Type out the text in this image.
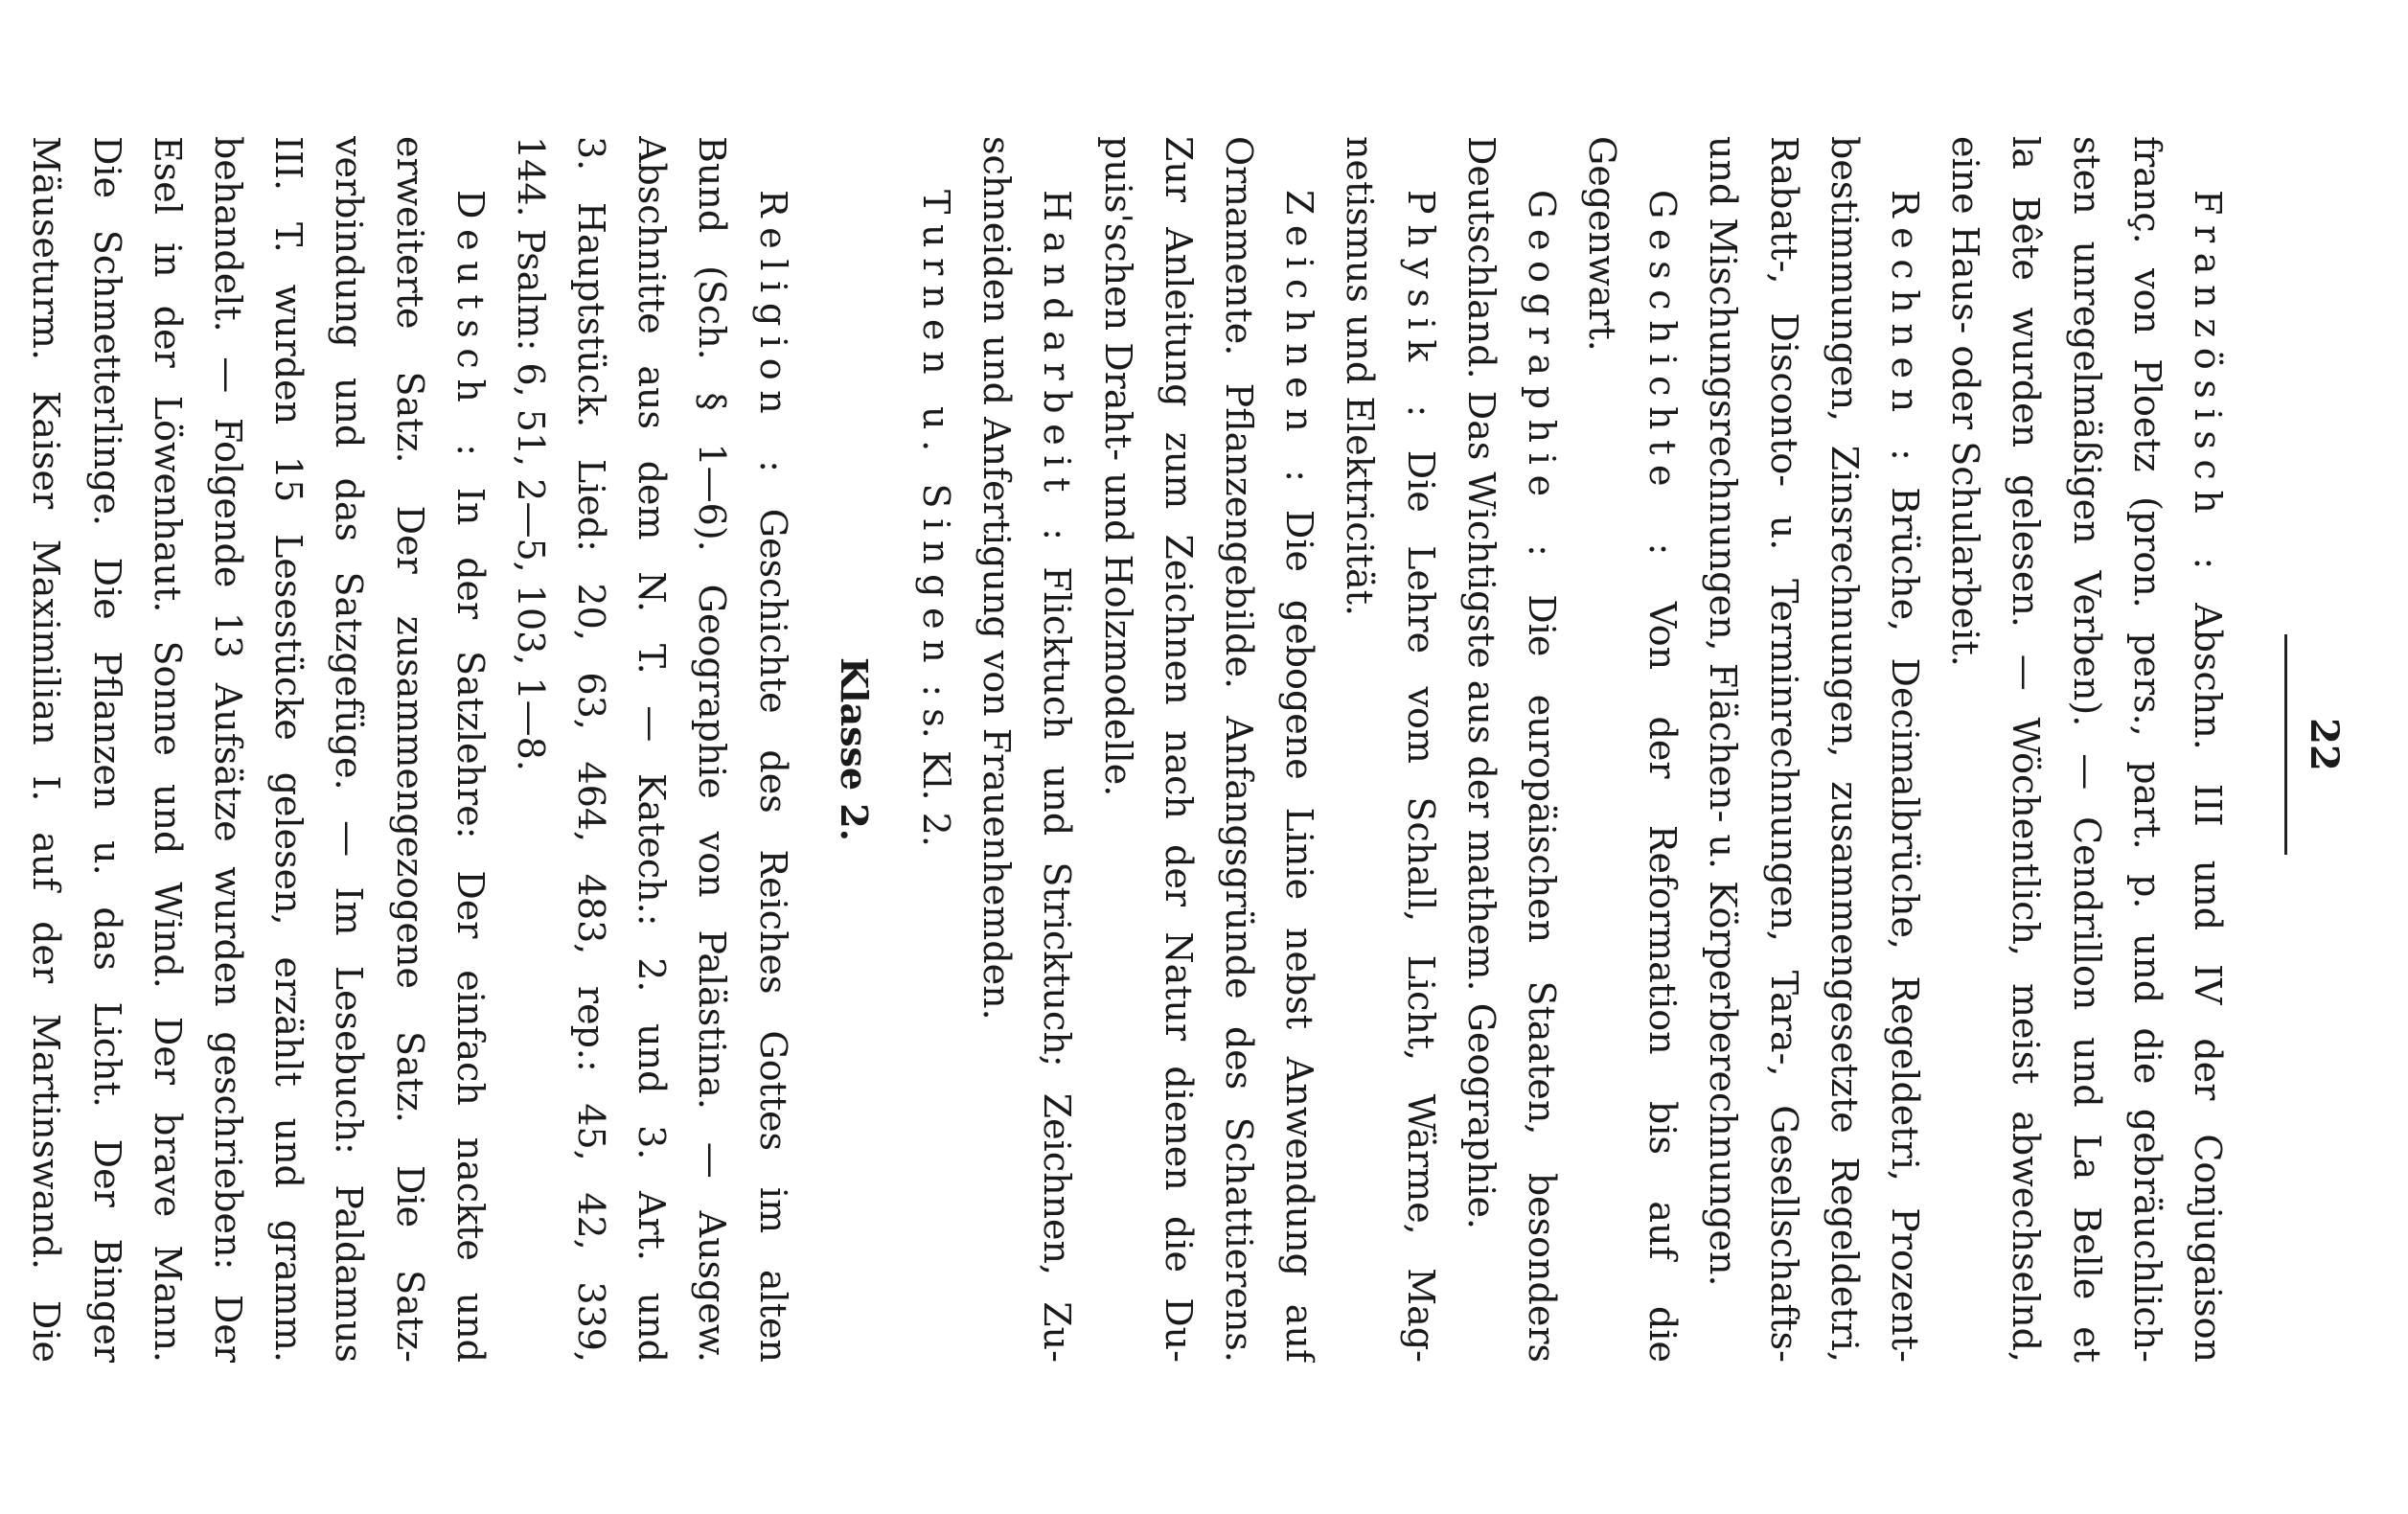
22
Französisch : Abschn. III und IV der Conjugaison
franç. von Ploetz (pron. pers., part. p. und die gebräuchlich-
sten unregelmäßigen Verben). — Cendrillon und La Belle et
la Bête wurden gelesen. — Wöchentlich, meist abwechselnd,
eine Haus- oder Schularbeit.
Rechnen : Brüche, Decimalbrüche, Regeldetri, Prozent-
bestimmungen, Zinsrechnungen, zusammengesetzte Regeldetri,
Rabatt-, Disconto- u. Terminrechnungen, Tara-, Gesellschafts-
und Mischungsrechnungen, Flächen- u. Körperberechnungen.
Geschichte : Von der Reformation bis auf die
Gegenwart.
Geographie : Die europäischen Staaten, besonders
Deutschland. Das Wichtigste aus der mathem. Geographie.
Physik : Die Lehre vom Schall, Licht, Wärme, Mag-
netismus und Elektricität.
Zeichnen : Die gebogene Linie nebst Anwendung auf
Ornamente. Pflanzengebilde. Anfangsgründe des Schattierens.
Zur Anleitung zum Zeichnen nach der Natur dienen die Du-
puis'schen Draht- und Holzmodelle.
Handarbeit : Flicktuch und Stricktuch; Zeichnen, Zu-
schneiden und Anfertigung von Frauenhemden.
Turnen u. Singen : s. Kl. 2.
Klasse 2.
Religion : Geschichte des Reiches Gottes im alten
Bund (Sch. § 1—6). Geographie von Palästina. — Ausgew.
Abschnitte aus dem N. T. — Katech.: 2. und 3. Art. und
3. Hauptstück. Lied: 20, 63, 464, 483, rep.: 45, 42, 339,
144. Psalm: 6, 51, 2—5, 103, 1—8.
Deutsch : In der Satzlehre: Der einfach nackte und
erweiterte Satz. Der zusammengezogene Satz. Die Satz-
verbindung und das Satzgefüge. — Im Lesebuch: Paldamus
III. T. wurden 15 Lesestücke gelesen, erzählt und gramm.
behandelt. — Folgende 13 Aufsätze wurden geschrieben: Der
Esel in der Löwenhaut. Sonne und Wind. Der brave Mann.
Die Schmetterlinge. Die Pflanzen u. das Licht. Der Binger
Mäuseturm. Kaiser Maximilian I. auf der Martinswand. Die
